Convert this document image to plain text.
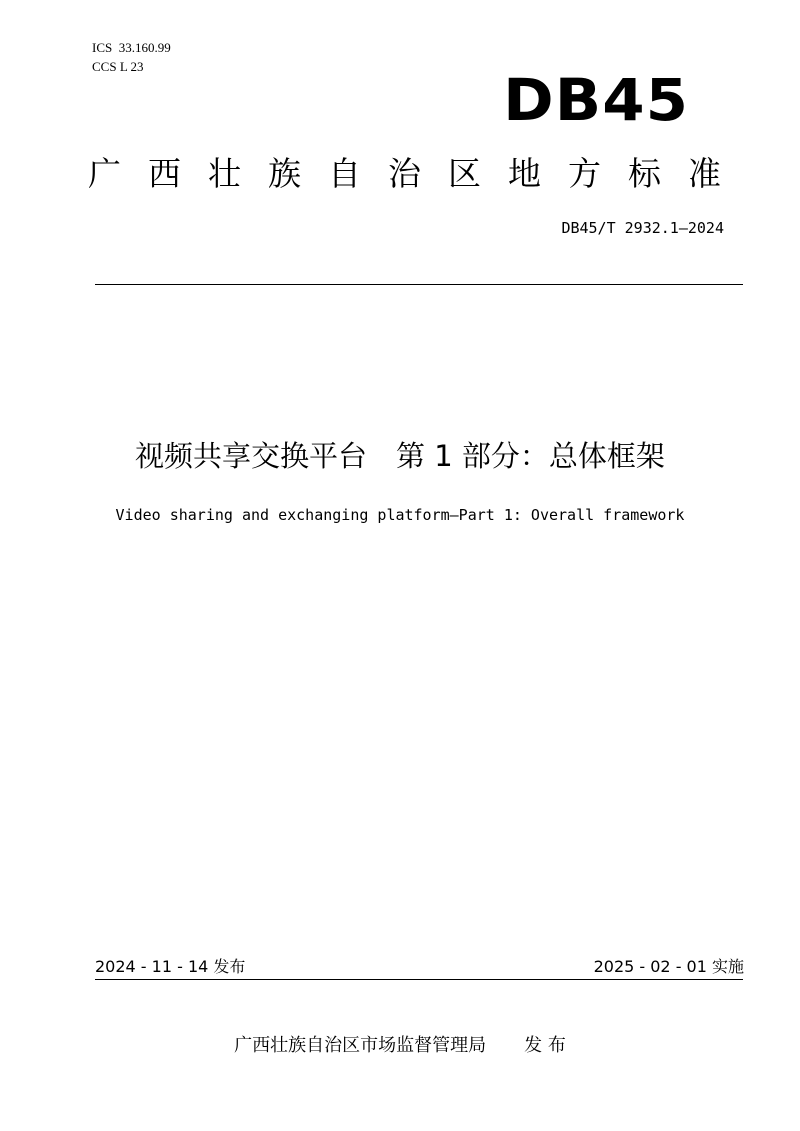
ICS  33.160.99
CCS L 23	DB45
广西壮族自治区地方标准
DB45/T 2932.1—2024
视频共享交换平台　第 1 部分：总体框架
Video sharing and exchanging platform—Part 1: Overall framework
2024 - 11 - 14 发布	2025 - 02 - 01 实施
广西壮族自治区市场监督管理局 发 布
